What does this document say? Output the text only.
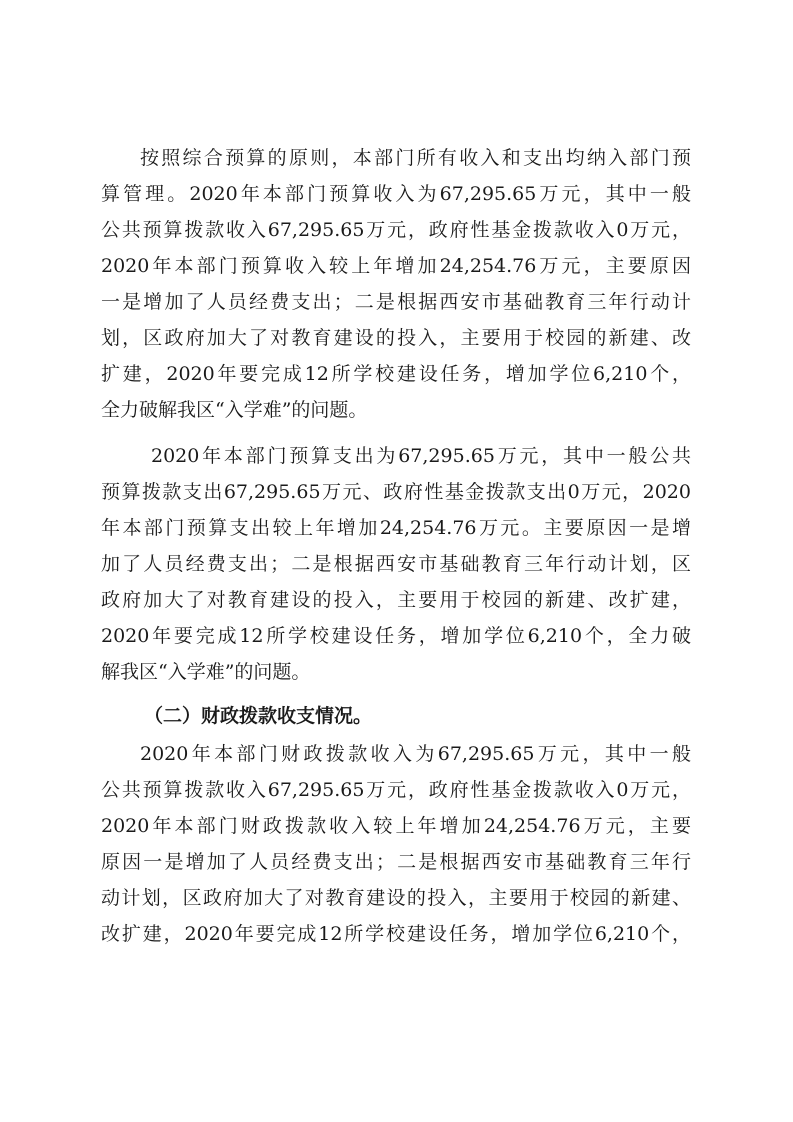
按照综合预算的原则，本部门所有收入和支出均纳入部门预
算管理。2020年本部门预算收入为67,295.65万元，其中一般
公共预算拨款收入67,295.65万元，政府性基金拨款收入0万元，
2020年本部门预算收入较上年增加24,254.76万元，主要原因
一是增加了人员经费支出；二是根据西安市基础教育三年行动计
划，区政府加大了对教育建设的投入，主要用于校园的新建、改
扩建，2020年要完成12所学校建设任务，增加学位6,210个，
全力破解我区“入学难”的问题。
2020年本部门预算支出为67,295.65万元，其中一般公共
预算拨款支出67,295.65万元、政府性基金拨款支出0万元，2020
年本部门预算支出较上年增加24,254.76万元。主要原因一是增
加了人员经费支出；二是根据西安市基础教育三年行动计划，区
政府加大了对教育建设的投入，主要用于校园的新建、改扩建，
2020年要完成12所学校建设任务，增加学位6,210个，全力破
解我区“入学难”的问题。
（二）财政拨款收支情况。
2020年本部门财政拨款收入为67,295.65万元，其中一般
公共预算拨款收入67,295.65万元，政府性基金拨款收入0万元，
2020年本部门财政拨款收入较上年增加24,254.76万元，主要
原因一是增加了人员经费支出；二是根据西安市基础教育三年行
动计划，区政府加大了对教育建设的投入，主要用于校园的新建、
改扩建，2020年要完成12所学校建设任务，增加学位6,210个，
